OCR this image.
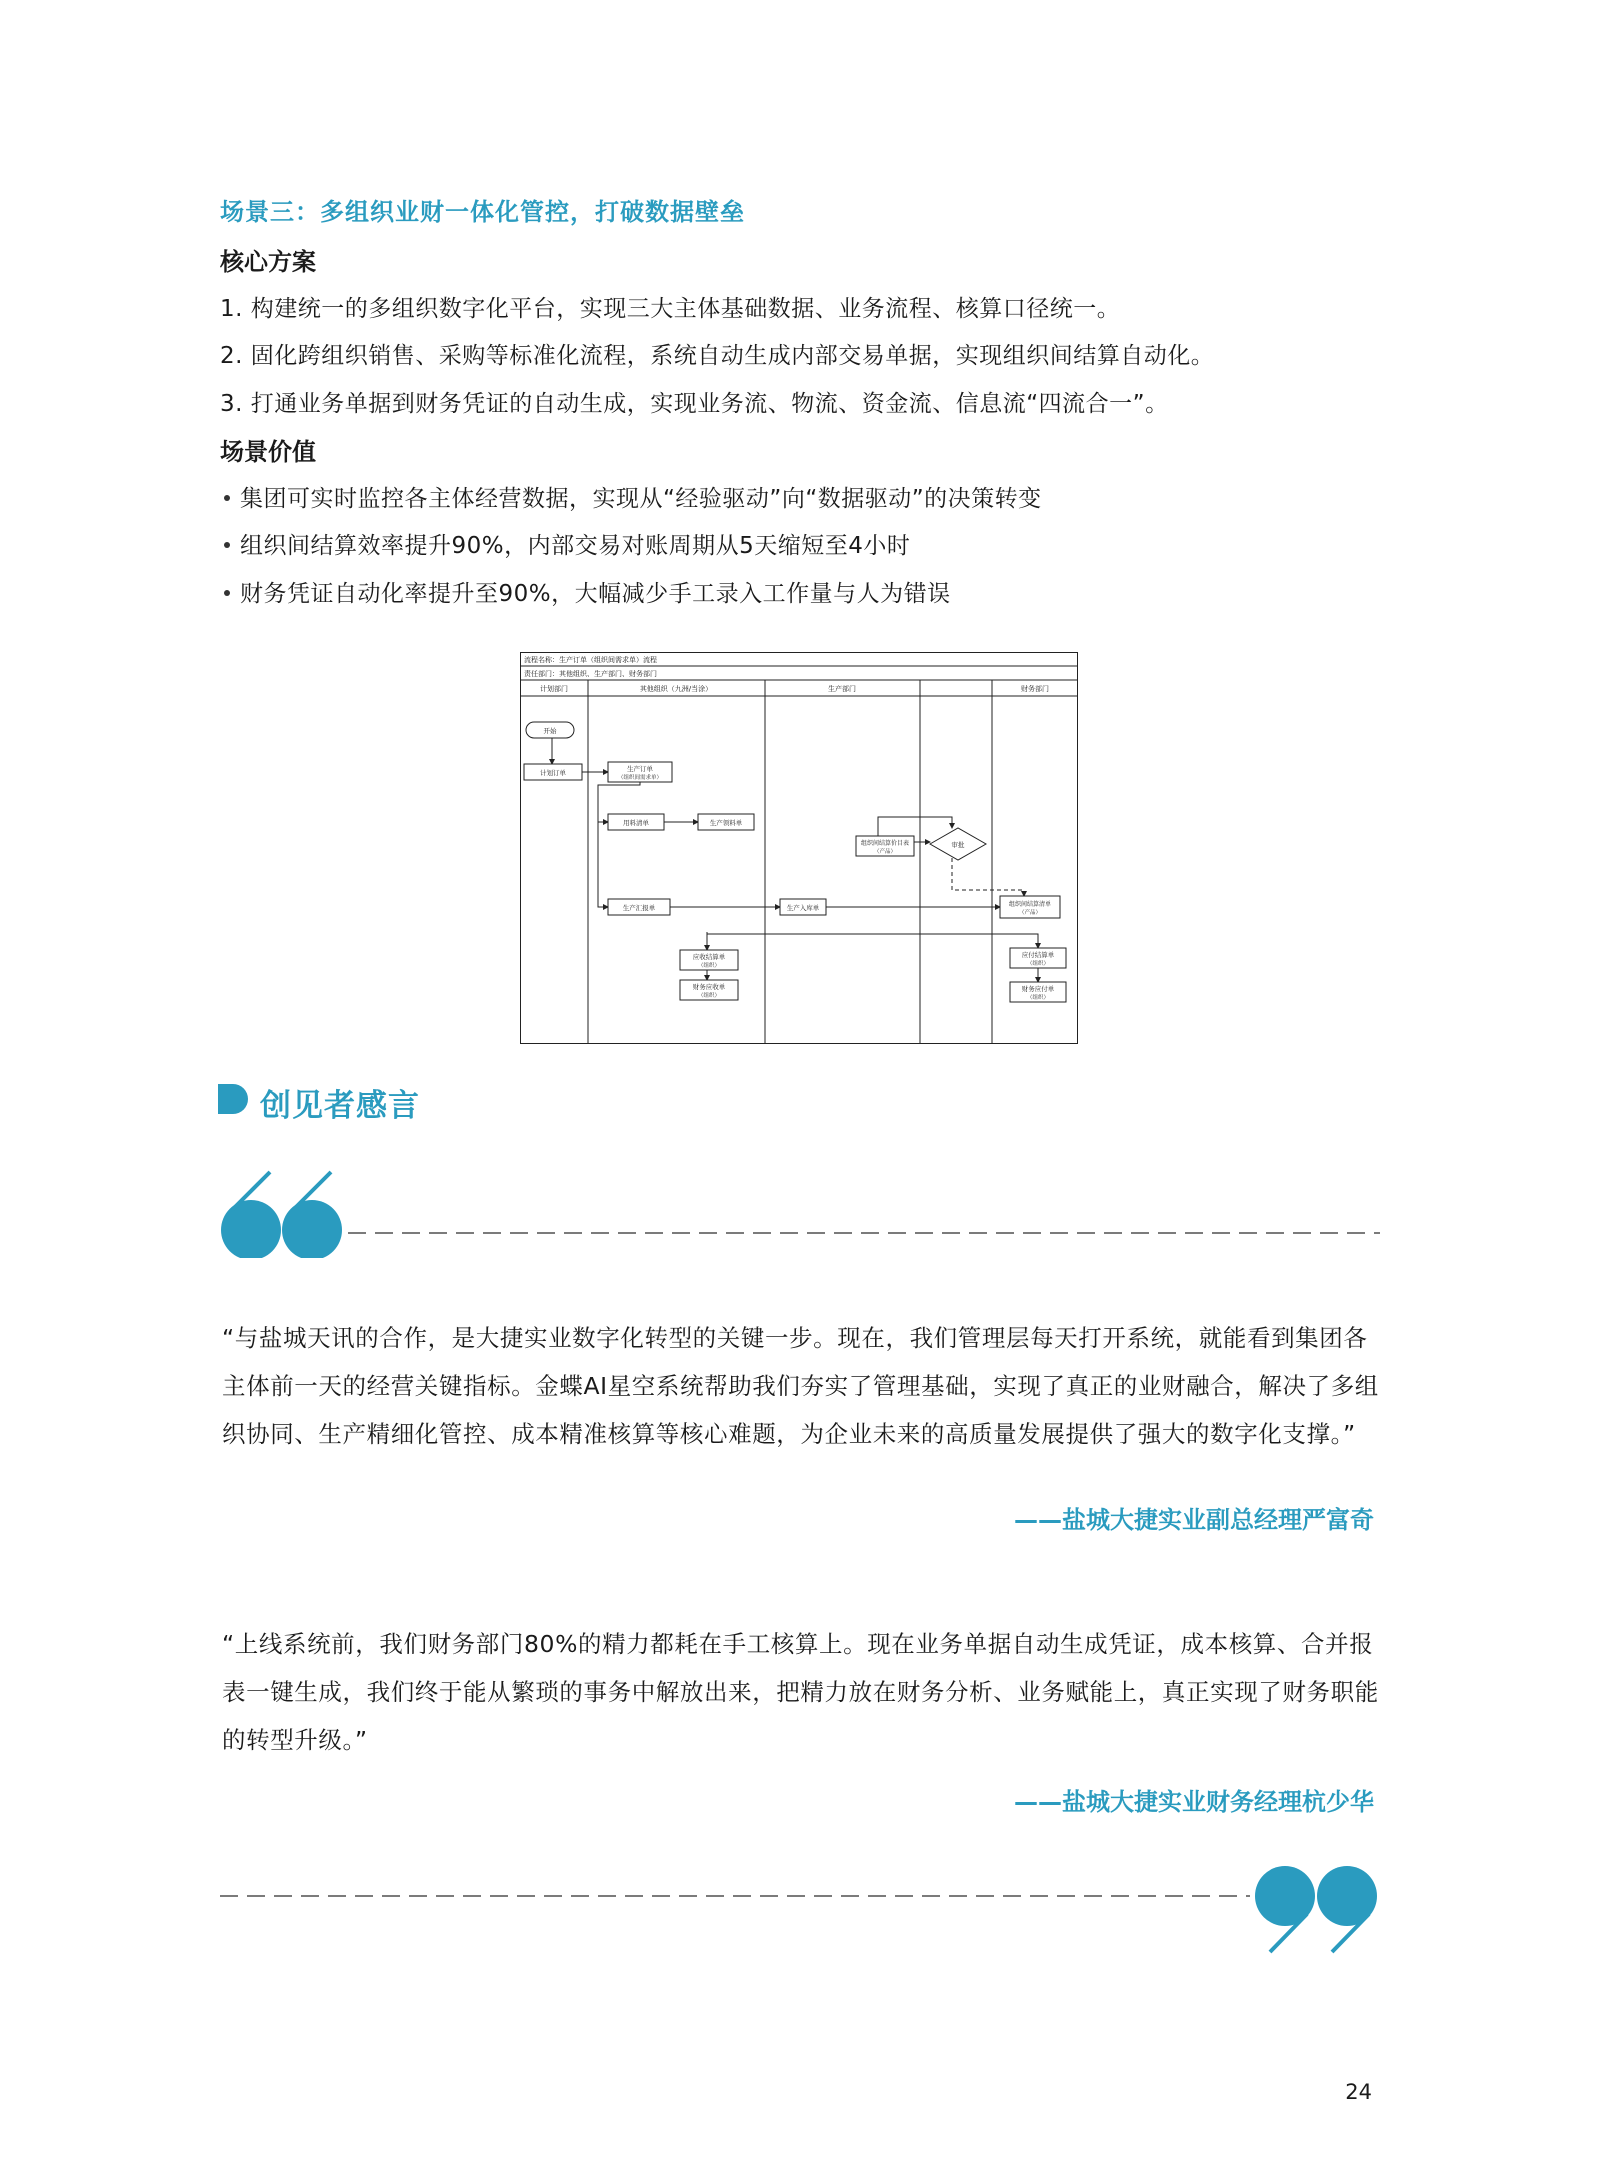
场景三：多组织业财一体化管控，打破数据壁垒
核心方案
1. 构建统一的多组织数字化平台，实现三大主体基础数据、业务流程、核算口径统一。
2. 固化跨组织销售、采购等标准化流程，系统自动生成内部交易单据，实现组织间结算自动化。
3. 打通业务单据到财务凭证的自动生成，实现业务流、物流、资金流、信息流“四流合一”。
场景价值
集团可实时监控各主体经营数据，实现从“经验驱动”向“数据驱动”的决策转变
组织间结算效率提升90%，内部交易对账周期从5天缩短至4小时
财务凭证自动化率提升至90%，大幅减少手工录入工作量与人为错误
流程名称：生产订单（组织间需求单）流程
责任部门：其他组织、生产部门、财务部门
计划部门	其他组织（九洲/当涂）	生产部门	财务部门
开始
计划订单	生产订单
（组织间需求单）
用料清单	生产领料单
生产汇报单	生产入库单
组织间结算价目表
（产品）
审批
组织间结算清单
（产品）
应收结算单
（组织）
财务应收单
（组织）
应付结算单
（组织）
财务应付单
（组织）
创见者感言
“与盐城天讯的合作，是大捷实业数字化转型的关键一步。现在，我们管理层每天打开系统，就能看到集团各主体前一天的经营关键指标。金蝶AI星空系统帮助我们夯实了管理基础，实现了真正的业财融合，解决了多组织协同、生产精细化管控、成本精准核算等核心难题，为企业未来的高质量发展提供了强大的数字化支撑。”
——盐城大捷实业副总经理严富奇
“上线系统前，我们财务部门80%的精力都耗在手工核算上。现在业务单据自动生成凭证，成本核算、合并报表一键生成，我们终于能从繁琐的事务中解放出来，把精力放在财务分析、业务赋能上，真正实现了财务职能的转型升级。”
——盐城大捷实业财务经理杭少华
24
